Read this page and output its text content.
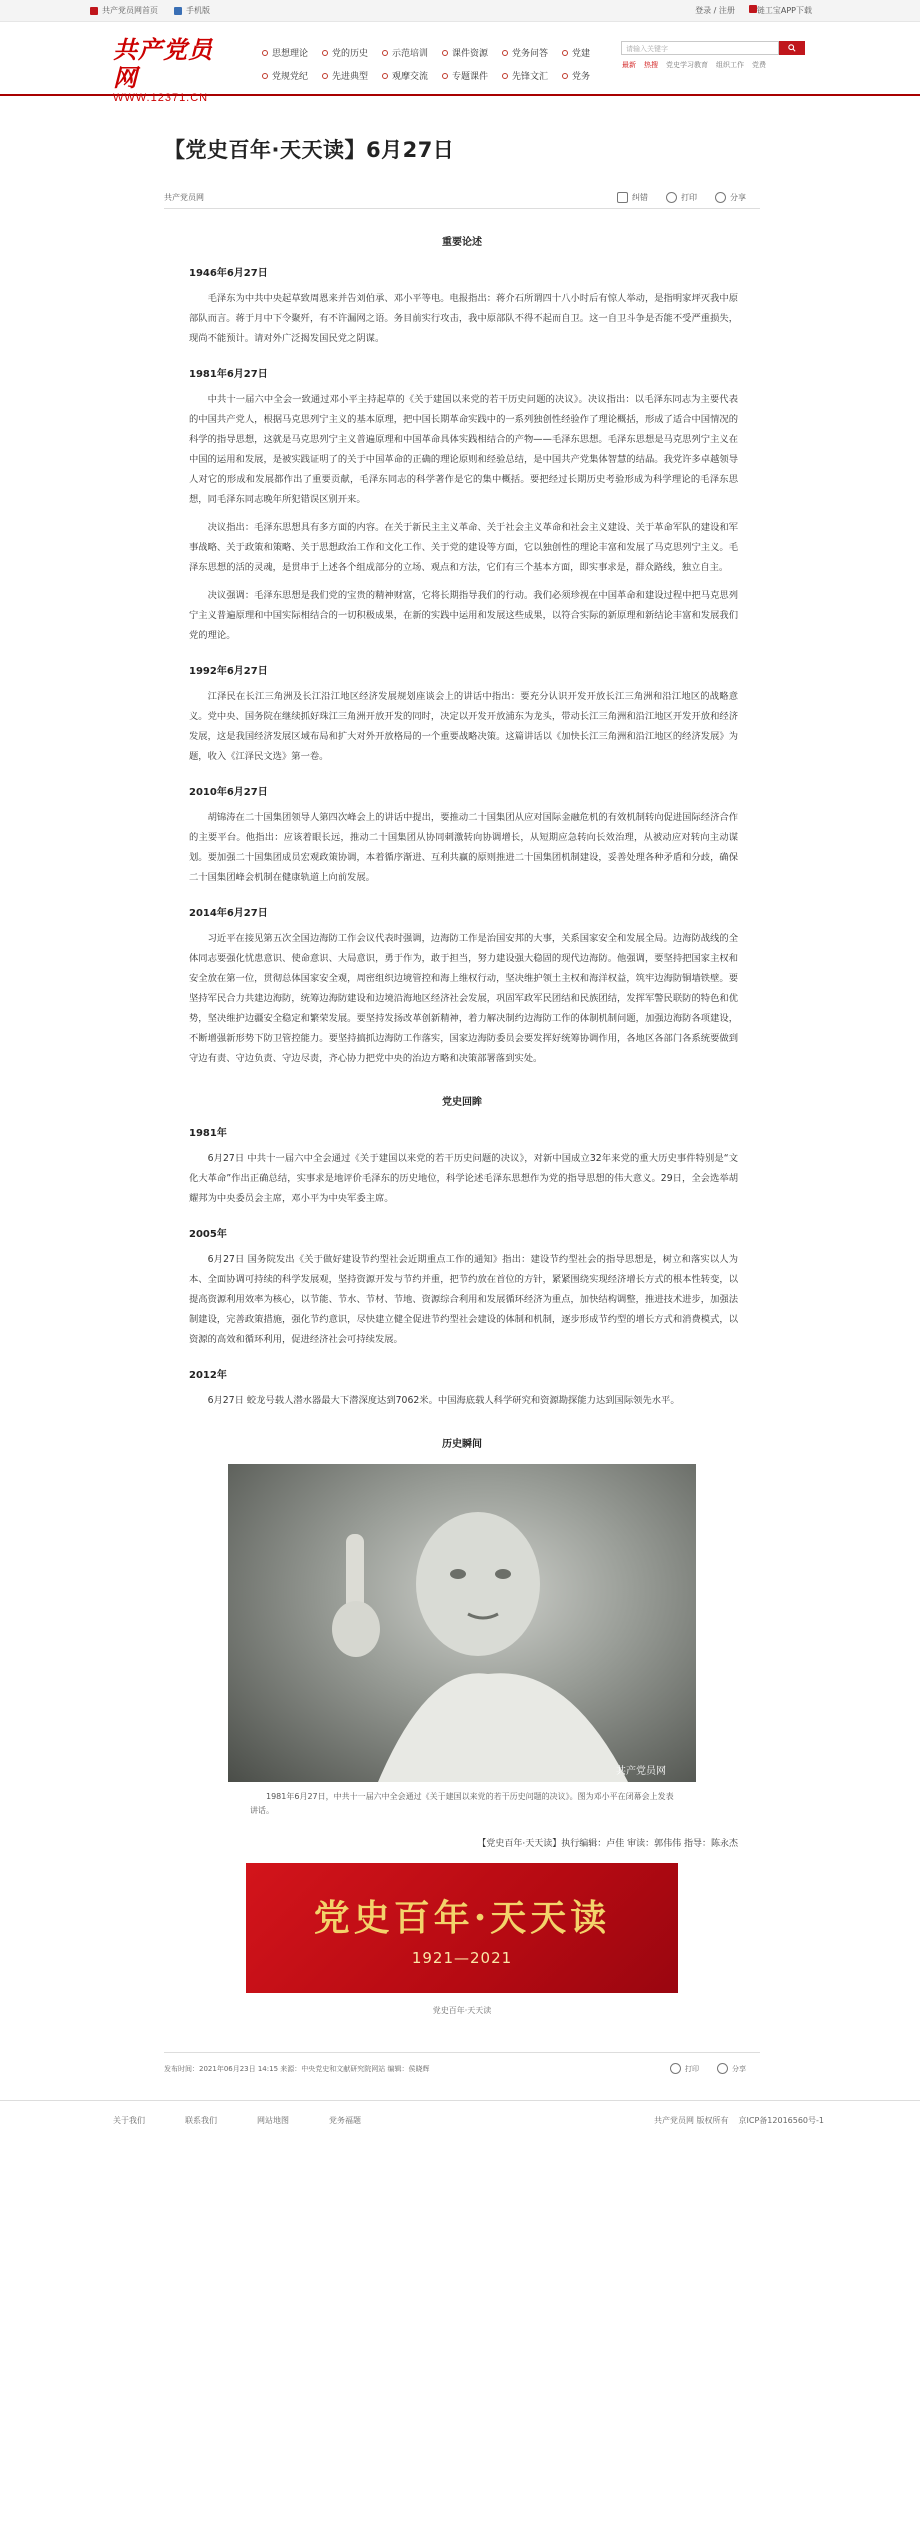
共产党员网首页	手机版	登录 / 注册	链工宝APP下载
共产党员网
WWW.12371.CN
思想理论	党的历史	示范培训	课件资源	党务问答	党建
党规党纪	先进典型	观摩交流	专题课件	先锋文汇	党务
请输入关键字
最新 热搜 党史学习教育 组织工作 党费
【党史百年·天天读】6月27日
共产党员网	纠错	打印	分享
重要论述
1946年6月27日

毛泽东为中共中央起草致周恩来并告刘伯承、邓小平等电。电报指出：蒋介石所谓四十八小时后有惊人举动，是指明家坪灭我中原部队而言。蒋于月中下令聚歼，有不许漏网之语。务目前实行攻击，我中原部队不得不起而自卫。这一自卫斗争是否能不受严重损失，现尚不能预计。请对外广泛揭发国民党之阴谋。

1981年6月27日

中共十一届六中全会一致通过邓小平主持起草的《关于建国以来党的若干历史问题的决议》。决议指出：以毛泽东同志为主要代表的中国共产党人，根据马克思列宁主义的基本原理，把中国长期革命实践中的一系列独创性经验作了理论概括，形成了适合中国情况的科学的指导思想，这就是马克思列宁主义普遍原理和中国革命具体实践相结合的产物——毛泽东思想。毛泽东思想是马克思列宁主义在中国的运用和发展，是被实践证明了的关于中国革命的正确的理论原则和经验总结，是中国共产党集体智慧的结晶。我党许多卓越领导人对它的形成和发展都作出了重要贡献，毛泽东同志的科学著作是它的集中概括。要把经过长期历史考验形成为科学理论的毛泽东思想，同毛泽东同志晚年所犯错误区别开来。

决议指出：毛泽东思想具有多方面的内容。在关于新民主主义革命、关于社会主义革命和社会主义建设、关于革命军队的建设和军事战略、关于政策和策略、关于思想政治工作和文化工作、关于党的建设等方面，它以独创性的理论丰富和发展了马克思列宁主义。毛泽东思想的活的灵魂，是贯串于上述各个组成部分的立场、观点和方法，它们有三个基本方面，即实事求是，群众路线，独立自主。

决议强调：毛泽东思想是我们党的宝贵的精神财富，它将长期指导我们的行动。我们必须珍视在中国革命和建设过程中把马克思列宁主义普遍原理和中国实际相结合的一切积极成果，在新的实践中运用和发展这些成果，以符合实际的新原理和新结论丰富和发展我们党的理论。

1992年6月27日

江泽民在长江三角洲及长江沿江地区经济发展规划座谈会上的讲话中指出：要充分认识开发开放长江三角洲和沿江地区的战略意义。党中央、国务院在继续抓好珠江三角洲开放开发的同时，决定以开发开放浦东为龙头，带动长江三角洲和沿江地区开发开放和经济发展，这是我国经济发展区域布局和扩大对外开放格局的一个重要战略决策。这篇讲话以《加快长江三角洲和沿江地区的经济发展》为题，收入《江泽民文选》第一卷。

2010年6月27日

胡锦涛在二十国集团领导人第四次峰会上的讲话中提出，要推动二十国集团从应对国际金融危机的有效机制转向促进国际经济合作的主要平台。他指出：应该着眼长远，推动二十国集团从协同刺激转向协调增长，从短期应急转向长效治理，从被动应对转向主动谋划。要加强二十国集团成员宏观政策协调，本着循序渐进、互利共赢的原则推进二十国集团机制建设，妥善处理各种矛盾和分歧，确保二十国集团峰会机制在健康轨道上向前发展。

2014年6月27日

习近平在接见第五次全国边海防工作会议代表时强调，边海防工作是治国安邦的大事，关系国家安全和发展全局。边海防战线的全体同志要强化忧患意识、使命意识、大局意识，勇于作为，敢于担当，努力建设强大稳固的现代边海防。他强调，要坚持把国家主权和安全放在第一位，贯彻总体国家安全观，周密组织边境管控和海上维权行动，坚决维护领土主权和海洋权益，筑牢边海防铜墙铁壁。要坚持军民合力共建边海防，统筹边海防建设和边境沿海地区经济社会发展，巩固军政军民团结和民族团结，发挥军警民联防的特色和优势，坚决维护边疆安全稳定和繁荣发展。要坚持发扬改革创新精神，着力解决制约边海防工作的体制机制问题，加强边海防各项建设，不断增强新形势下防卫管控能力。要坚持搞抓边海防工作落实，国家边海防委员会要发挥好统筹协调作用，各地区各部门各系统要做到守边有责、守边负责、守边尽责，齐心协力把党中央的治边方略和决策部署落到实处。

党史回眸
1981年

6月27日 中共十一届六中全会通过《关于建国以来党的若干历史问题的决议》，对新中国成立32年来党的重大历史事件特别是“文化大革命”作出正确总结，实事求是地评价毛泽东的历史地位，科学论述毛泽东思想作为党的指导思想的伟大意义。29日，全会选举胡耀邦为中央委员会主席，邓小平为中央军委主席。

2005年

6月27日 国务院发出《关于做好建设节约型社会近期重点工作的通知》指出：建设节约型社会的指导思想是，树立和落实以人为本、全面协调可持续的科学发展观，坚持资源开发与节约并重，把节约放在首位的方针，紧紧围绕实现经济增长方式的根本性转变，以提高资源利用效率为核心，以节能、节水、节材、节地、资源综合利用和发展循环经济为重点，加快结构调整，推进技术进步，加强法制建设，完善政策措施，强化节约意识，尽快建立健全促进节约型社会建设的体制和机制，逐步形成节约型的增长方式和消费模式，以资源的高效和循环利用，促进经济社会可持续发展。

2012年

6月27日 蛟龙号载人潜水器最大下潜深度达到7062米。中国海底载人科学研究和资源勘探能力达到国际领先水平。

历史瞬间
共产党员网

1981年6月27日，中共十一届六中全会通过《关于建国以来党的若干历史问题的决议》。图为邓小平在闭幕会上发表讲话。

【党史百年·天天读】执行编辑：卢佳 审读：郭伟伟 指导：陈永杰
党史百年·天天读
1921—2021
党史百年·天天读
发布时间：2021年06月23日 14:15 来源：中央党史和文献研究院网站 编辑：侯晓辉	打印	分享
关于我们	联系我们	网站地图	党务福题	共产党员网 版权所有 京ICP备12016560号-1
